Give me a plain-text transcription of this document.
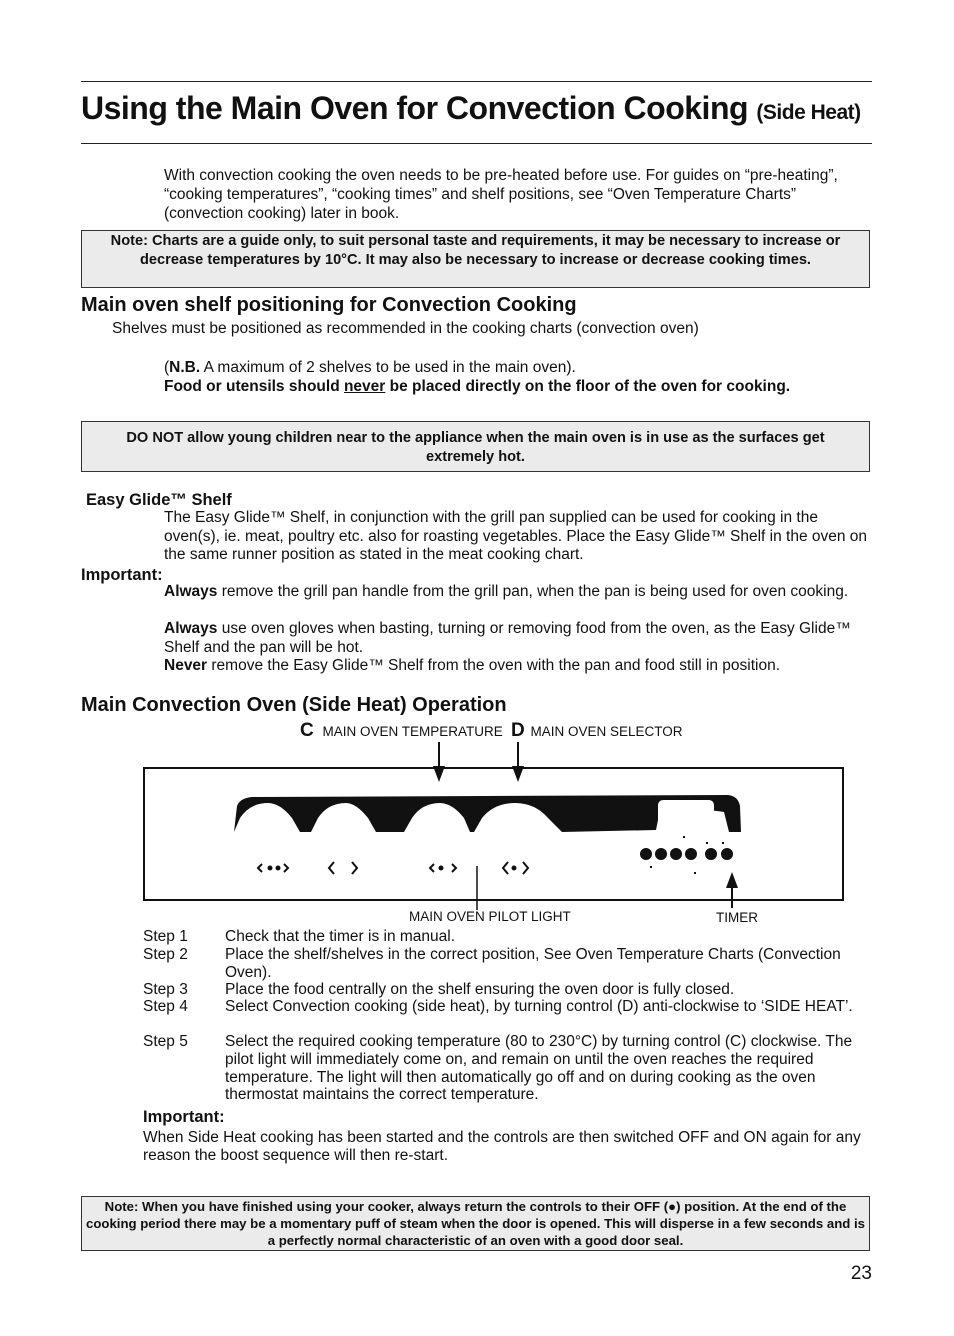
Using the Main Oven for Convection Cooking (Side Heat)
With convection cooking the oven needs to be pre-heated before use. For guides on “pre-heating”, “cooking temperatures”, “cooking times” and shelf positions, see “Oven Temperature Charts” (convection cooking) later in book.
Note: Charts are a guide only, to suit personal taste and requirements, it may be necessary to increase or decrease temperatures by 10°C. It may also be necessary to increase or decrease cooking times.
Main oven shelf positioning for Convection Cooking
Shelves must be positioned as recommended in the cooking charts (convection oven)
(N.B. A maximum of 2 shelves to be used in the main oven).
Food or utensils should never be placed directly on the floor of the oven for cooking.
DO NOT allow young children near to the appliance when the main oven is in use as the surfaces get extremely hot.
Easy Glide™ Shelf
The Easy Glide™ Shelf, in conjunction with the grill pan supplied can be used for cooking in the oven(s), ie. meat, poultry etc. also for roasting vegetables. Place the Easy Glide™ Shelf in the oven on the same runner position as stated in the meat cooking chart.
Important:
Always remove the grill pan handle from the grill pan, when the pan is being used for oven cooking.
Always use oven gloves when basting, turning or removing food from the oven, as the Easy Glide™ Shelf and the pan will be hot.
Never remove the Easy Glide™ Shelf from the oven with the pan and food still in position.
Main Convection Oven (Side Heat) Operation
C MAIN OVEN TEMPERATURE D MAIN OVEN SELECTOR
MAIN OVEN PILOT LIGHT	TIMER
Step 1 Check that the timer is in manual.
Step 2 Place the shelf/shelves in the correct position, See Oven Temperature Charts (Convection Oven).
Step 3 Place the food centrally on the shelf ensuring the oven door is fully closed.
Step 4 Select Convection cooking (side heat), by turning control (D) anti-clockwise to ‘SIDE HEAT’.
Step 5 Select the required cooking temperature (80 to 230°C) by turning control (C) clockwise. The pilot light will immediately come on, and remain on until the oven reaches the required temperature. The light will then automatically go off and on during cooking as the oven thermostat maintains the correct temperature.
Important:
When Side Heat cooking has been started and the controls are then switched OFF and ON again for any reason the boost sequence will then re-start.
Note: When you have finished using your cooker, always return the controls to their OFF (●) position. At the end of the cooking period there may be a momentary puff of steam when the door is opened. This will disperse in a few seconds and is a perfectly normal characteristic of an oven with a good door seal.
23
